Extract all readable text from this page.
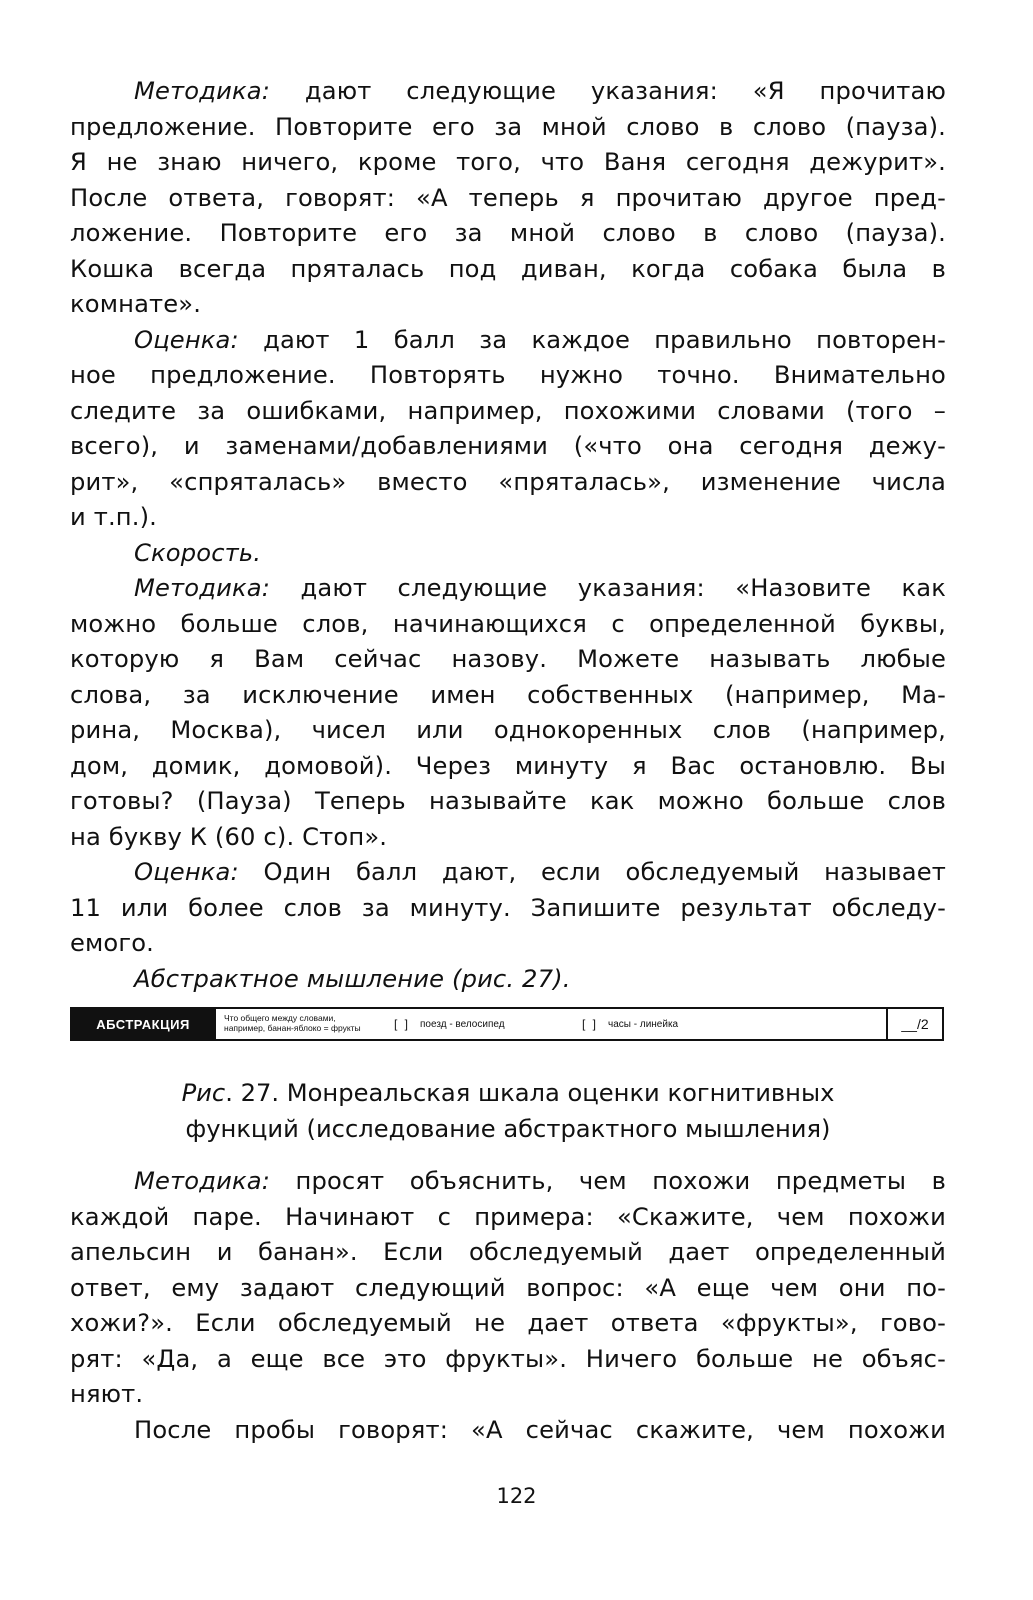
Методика: дают следующие указания: «Я прочитаю
предложение. Повторите его за мной слово в слово (пауза).
Я не знаю ничего, кроме того, что Ваня сегодня дежурит».
После ответа, говорят: «А теперь я прочитаю другое пред-
ложение. Повторите его за мной слово в слово (пауза).
Кошка всегда пряталась под диван, когда собака была в
комнате».
Оценка: дают 1 балл за каждое правильно повторен-
ное предложение. Повторять нужно точно. Внимательно
следите за ошибками, например, похожими словами (того –
всего), и заменами/добавлениями («что она сегодня дежу-
рит», «спряталась» вместо «пряталась», изменение числа
и т.п.).
Скорость.
Методика: дают следующие указания: «Назовите как
можно больше слов, начинающихся с определенной буквы,
которую я Вам сейчас назову. Можете называть любые
слова, за исключение имен собственных (например, Ма-
рина, Москва), чисел или однокоренных слов (например,
дом, домик, домовой). Через минуту я Вас остановлю. Вы
готовы? (Пауза) Теперь называйте как можно больше слов
на букву К (60 с). Стоп».
Оценка: Один балл дают, если обследуемый называет
11 или более слов за минуту. Запишите результат обследу-
емого.
Абстрактное мышление (рис. 27).
АБСТРАКЦИЯ	Что общего между словами,
например, банан-яблоко = фрукты	[ ] поезд - велосипед	[ ] часы - линейка	__/2
Рис. 27. Монреальская шкала оценки когнитивных
функций (исследование абстрактного мышления)
Методика: просят объяснить, чем похожи предметы в
каждой паре. Начинают с примера: «Скажите, чем похожи
апельсин и банан». Если обследуемый дает определенный
ответ, ему задают следующий вопрос: «А еще чем они по-
хожи?». Если обследуемый не дает ответа «фрукты», гово-
рят: «Да, а еще все это фрукты». Ничего больше не объяс-
няют.
После пробы говорят: «А сейчас скажите, чем похожи
122
